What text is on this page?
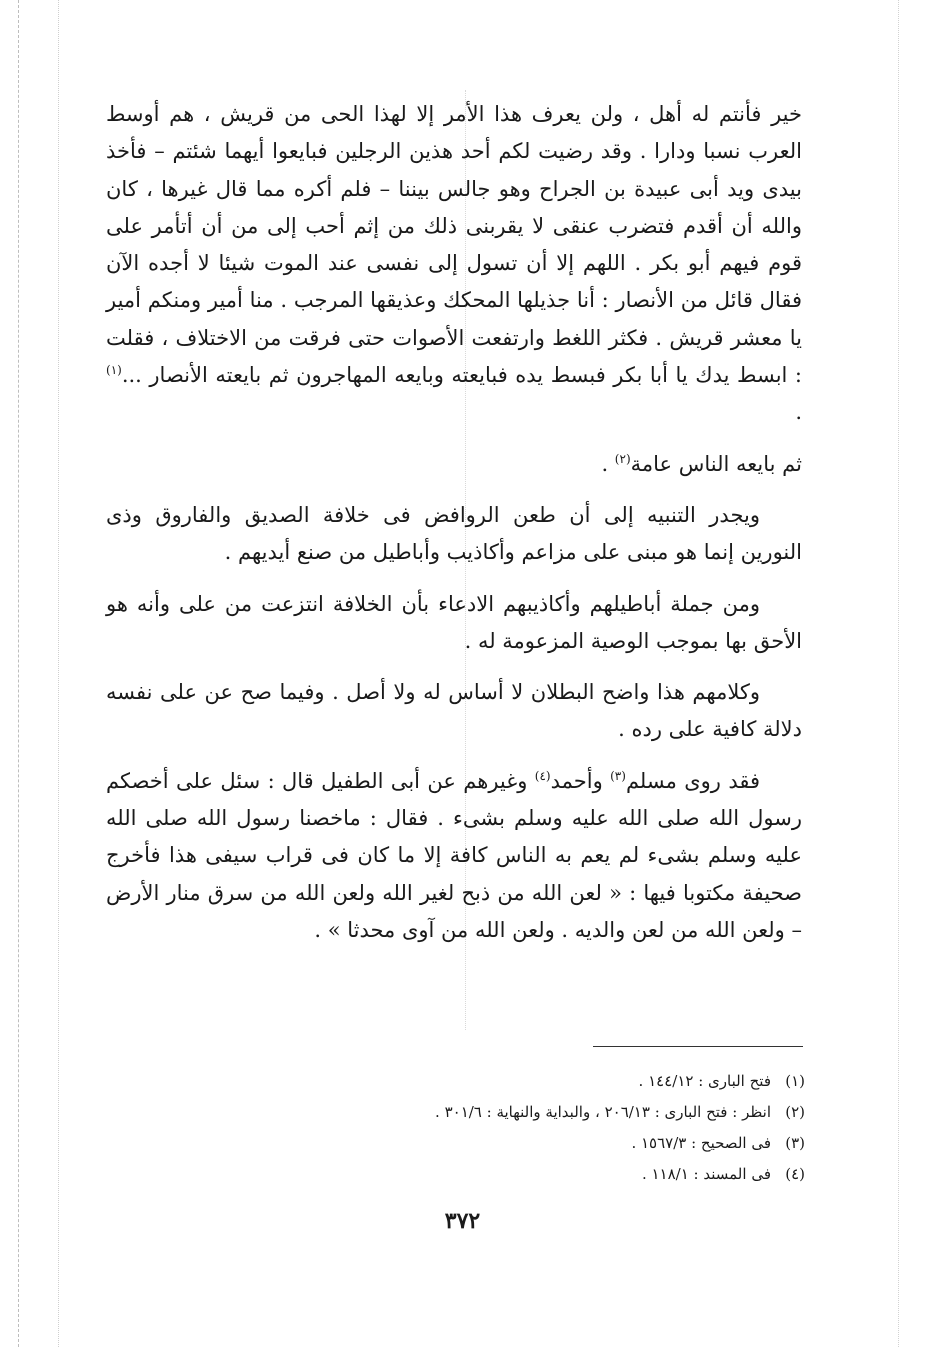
خير فأنتم له أهل ، ولن يعرف هذا الأمر إلا لهذا الحى من قريش ، هم أوسط العرب نسبا ودارا . وقد رضيت لكم أحد هذين الرجلين فبايعوا أيهما شئتم – فأخذ بيدى ويد أبى عبيدة بن الجراح وهو جالس بيننا – فلم أكره مما قال غيرها ، كان والله أن أقدم فتضرب عنقى لا يقربنى ذلك من إثم أحب إلى من أن أتأمر على قوم فيهم أبو بكر . اللهم إلا أن تسول إلى نفسى عند الموت شيئا لا أجده الآن فقال قائل من الأنصار : أنا جذيلها المحكك وعذيقها المرجب . منا أمير ومنكم أمير يا معشر قريش . فكثر اللغط وارتفعت الأصوات حتى فرقت من الاختلاف ، فقلت : ابسط يدك يا أبا بكر فبسط يده فبايعته وبايعه المهاجرون ثم بايعته الأنصار ...$^{(١)}$ .

ثم بايعه الناس عامة$^{(٢)}$ .

ويجدر التنبيه إلى أن طعن الروافض فى خلافة الصديق والفاروق وذى النورين إنما هو مبنى على مزاعم وأكاذيب وأباطيل من صنع أيديهم .

ومن جملة أباطيلهم وأكاذيبهم الادعاء بأن الخلافة انتزعت من على وأنه هو الأحق بها بموجب الوصية المزعومة له .

وكلامهم هذا واضح البطلان لا أساس له ولا أصل . وفيما صح عن على نفسه دلالة كافية على رده .

فقد روى مسلم$^{(٣)}$ وأحمد$^{(٤)}$ وغيرهم عن أبى الطفيل قال : سئل على أخصكم رسول الله صلى الله عليه وسلم بشىء . فقال : ماخصنا رسول الله صلى الله عليه وسلم بشىء لم يعم به الناس كافة إلا ما كان فى قراب سيفى هذا فأخرج صحيفة مكتوبا فيها : « لعن الله من ذبح لغير الله ولعن الله من سرق منار الأرض – ولعن الله من لعن والديه . ولعن الله من آوى محدثا » .

(١)فتح البارى : ١٤٤/١٢ .

(٢)انظر : فتح البارى : ٢٠٦/١٣ ، والبداية والنهاية : ٣٠١/٦ .

(٣)فى الصحيح : ١٥٦٧/٣ .

(٤)فى المسند : ١١٨/١ .

٣٧٢
